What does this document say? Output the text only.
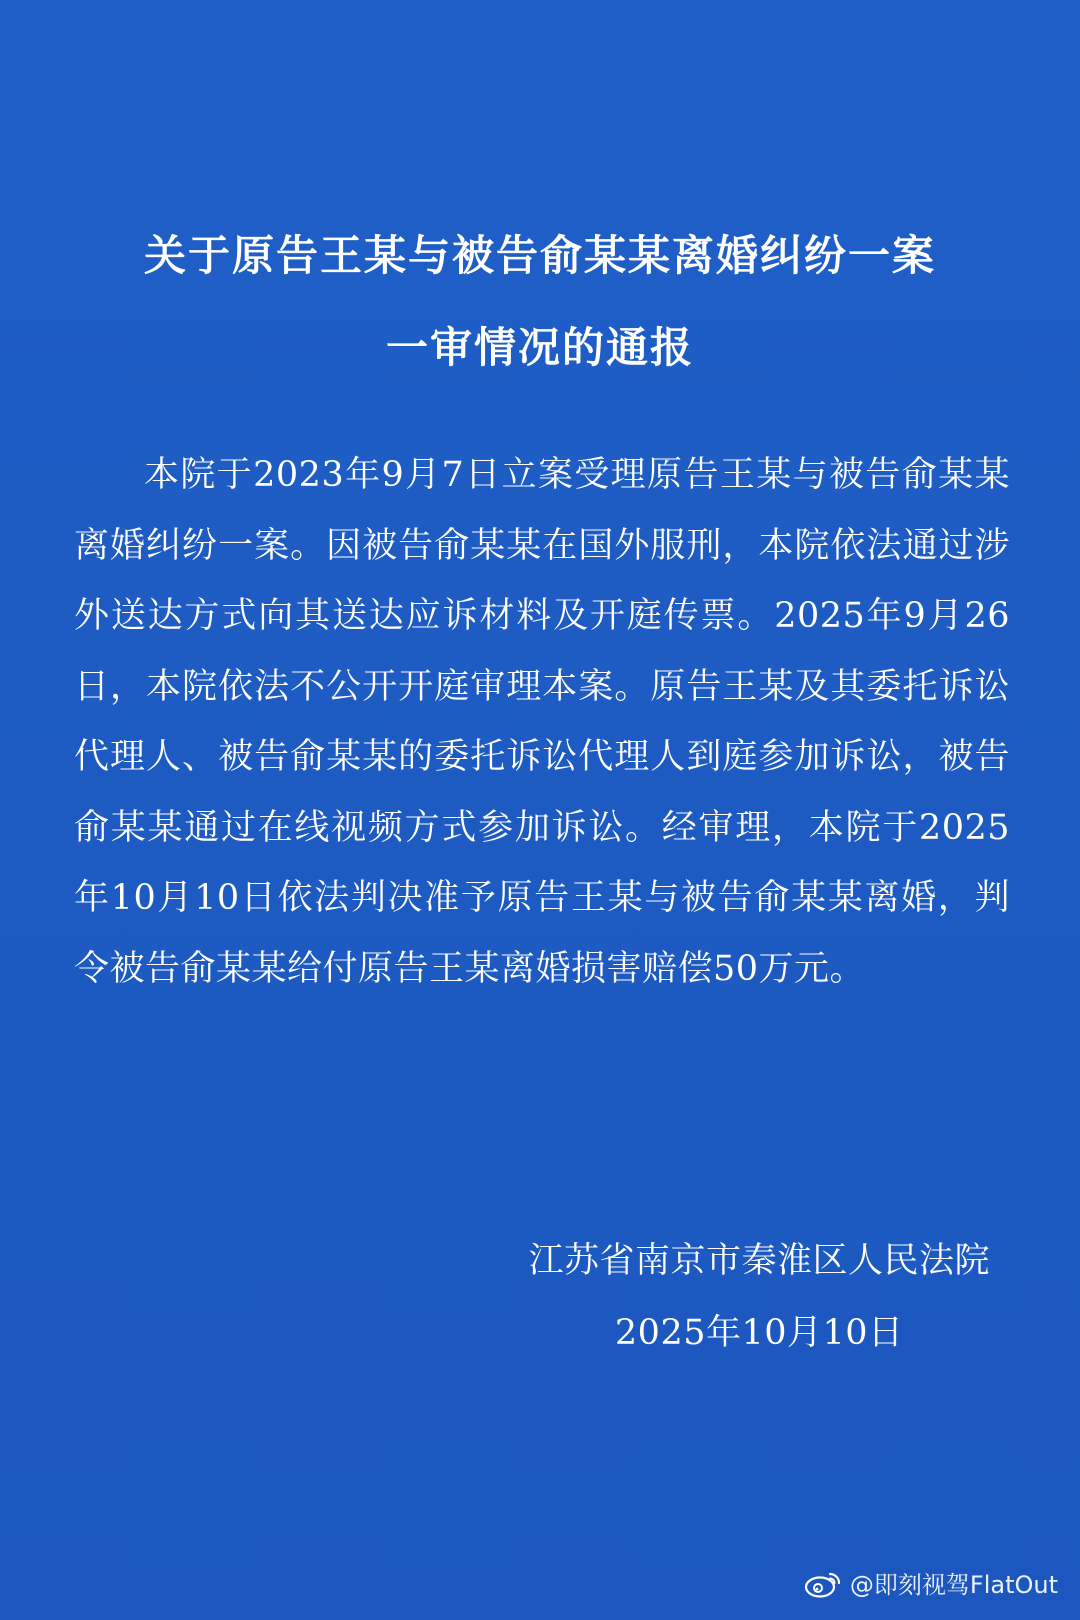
关于原告王某与被告俞某某离婚纠纷一案
一审情况的通报
本院于2023年9月7日立案受理原告王某与被告俞某某离婚纠纷一案。因被告俞某某在国外服刑，本院依法通过涉外送达方式向其送达应诉材料及开庭传票。2025年9月26日，本院依法不公开开庭审理本案。原告王某及其委托诉讼代理人、被告俞某某的委托诉讼代理人到庭参加诉讼，被告俞某某通过在线视频方式参加诉讼。经审理，本院于2025年10月10日依法判决准予原告王某与被告俞某某离婚，判令被告俞某某给付原告王某离婚损害赔偿50万元。
江苏省南京市秦淮区人民法院
2025年10月10日
@即刻视驾FlatOut
